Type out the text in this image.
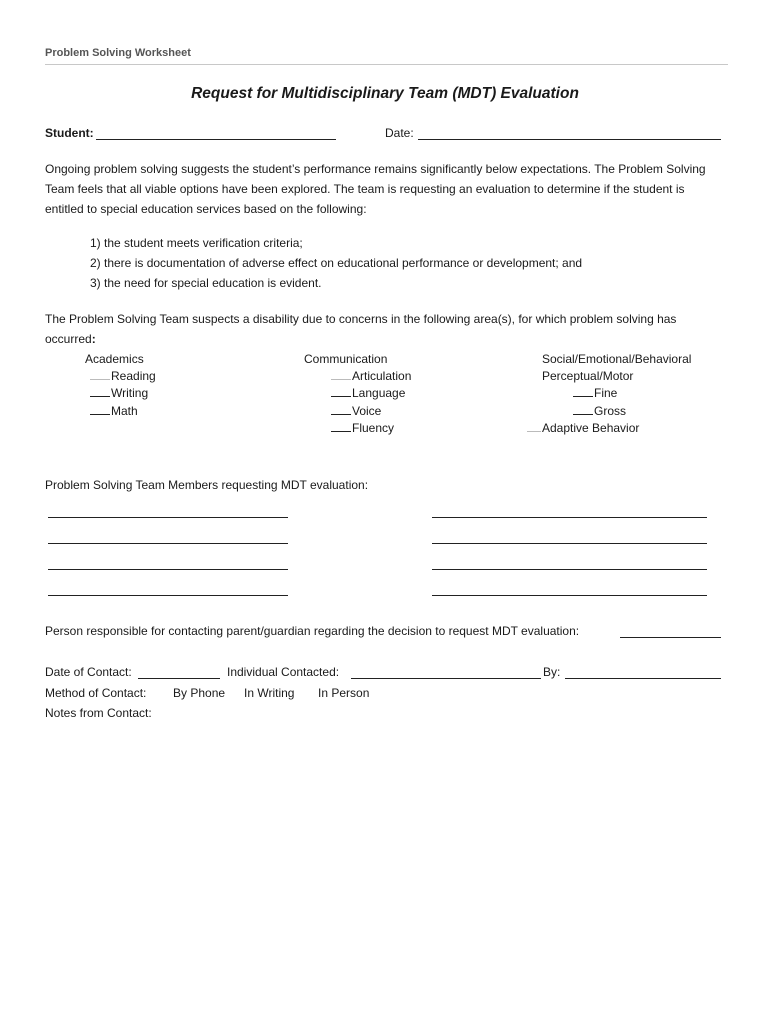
Problem Solving Worksheet
Request for Multidisciplinary Team (MDT) Evaluation
Student:	Date:
Ongoing problem solving suggests the student’s performance remains significantly below expectations. The Problem Solving Team feels that all viable options have been explored. The team is requesting an evaluation to determine if the student is entitled to special education services based on the following:
1) the student meets verification criteria;
2) there is documentation of adverse effect on educational performance or development; and
3) the need for special education is evident.
The Problem Solving Team suspects a disability due to concerns in the following area(s), for which problem solving has
occurred:
Academics
Reading
Writing
Math
Communication
Articulation
Language
Voice
Fluency
Social/Emotional/Behavioral
Perceptual/Motor
Fine
Gross
Adaptive Behavior
Problem Solving Team Members requesting MDT evaluation:
Person responsible for contacting parent/guardian regarding the decision to request MDT evaluation:
Date of Contact:	Individual Contacted:	By:
Method of Contact: By Phone In Writing In Person
Notes from Contact:
